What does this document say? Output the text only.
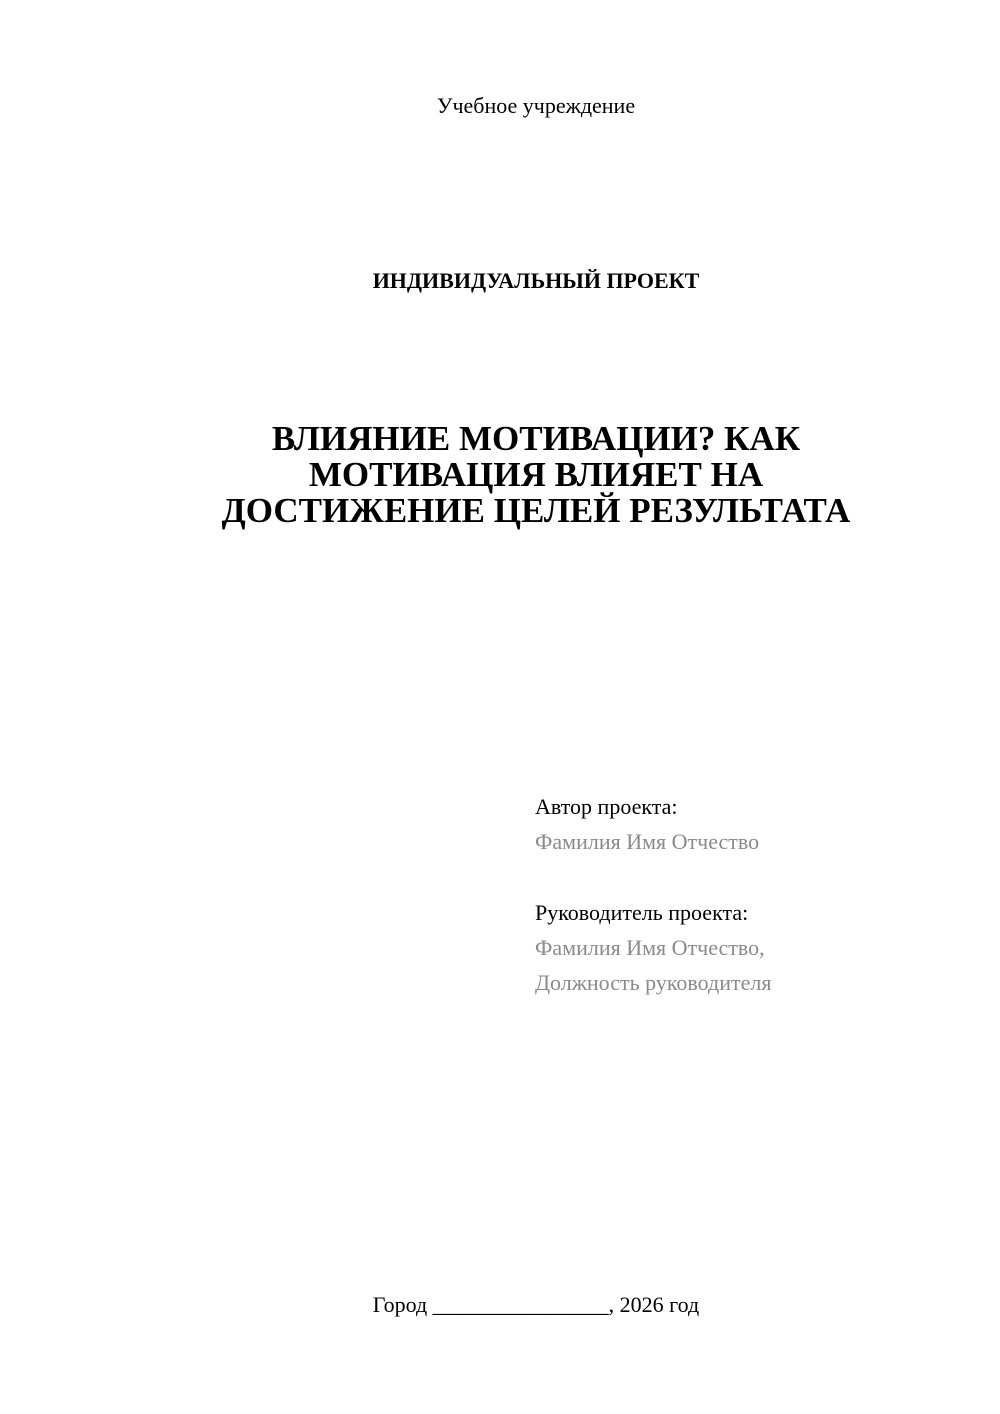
Учебное учреждение
ИНДИВИДУАЛЬНЫЙ ПРОЕКТ
ВЛИЯНИЕ МОТИВАЦИИ? КАК
МОТИВАЦИЯ ВЛИЯЕТ НА
ДОСТИЖЕНИЕ ЦЕЛЕЙ РЕЗУЛЬТАТА
Автор проекта:
Фамилия Имя Отчество
Руководитель проекта:
Фамилия Имя Отчество,
Должность руководителя
Город ________________, 2026 год
